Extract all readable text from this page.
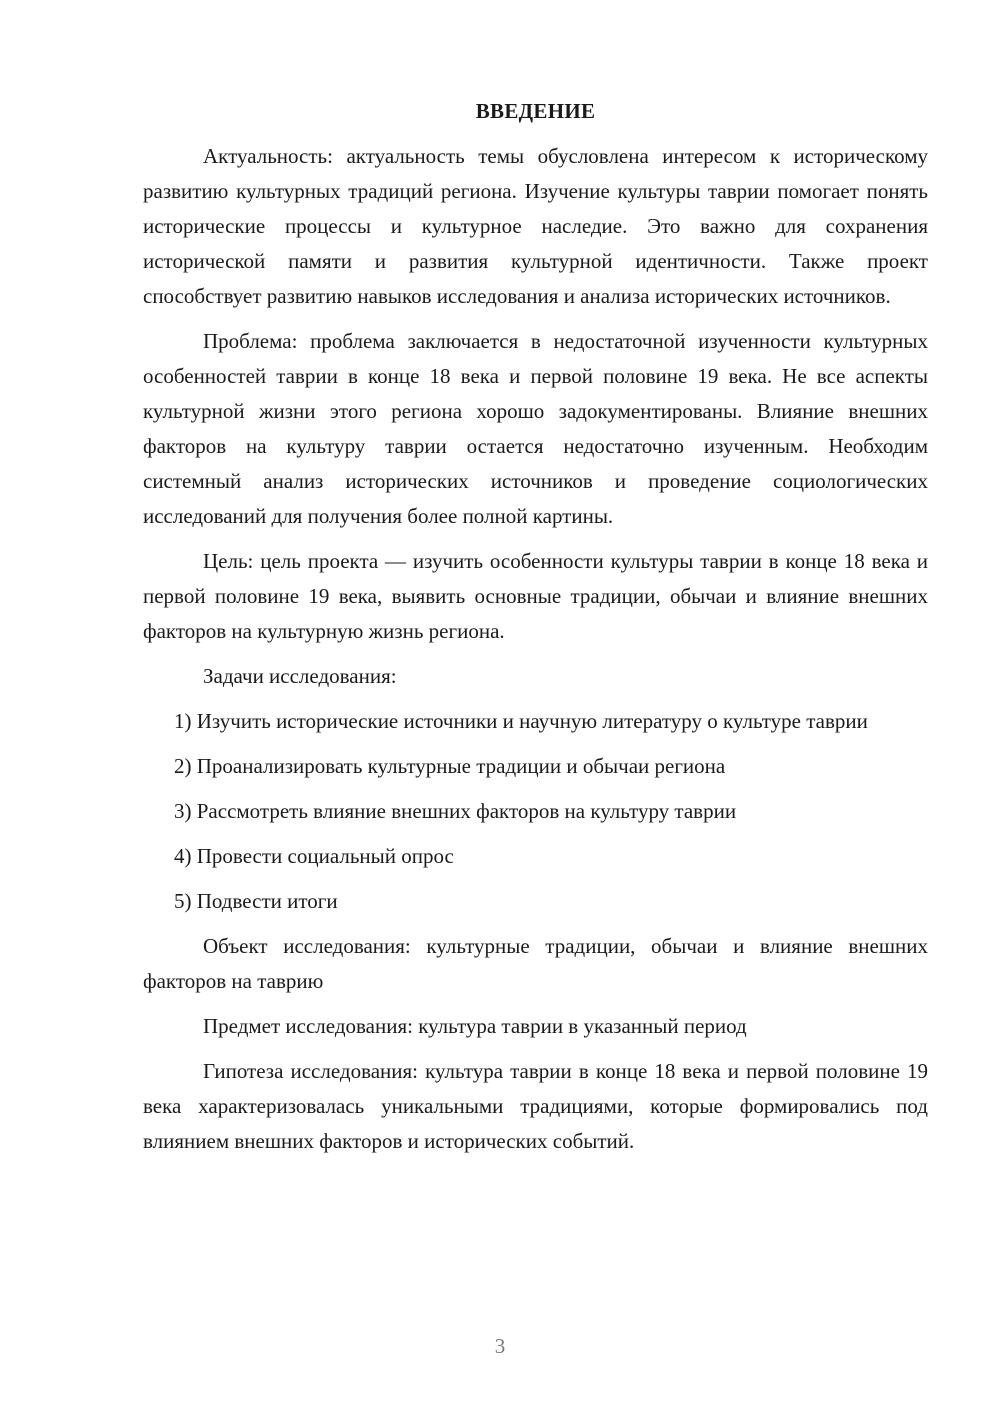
ВВЕДЕНИЕ

Актуальность: актуальность темы обусловлена интересом к историческому развитию культурных традиций региона. Изучение культуры таврии помогает понять исторические процессы и культурное наследие. Это важно для сохранения исторической памяти и развития культурной идентичности. Также проект способствует развитию навыков исследования и анализа исторических источников.

Проблема: проблема заключается в недостаточной изученности культурных особенностей таврии в конце 18 века и первой половине 19 века. Не все аспекты культурной жизни этого региона хорошо задокументированы. Влияние внешних факторов на культуру таврии остается недостаточно изученным. Необходим системный анализ исторических источников и проведение социологических исследований для получения более полной картины.

Цель: цель проекта — изучить особенности культуры таврии в конце 18 века и первой половине 19 века, выявить основные традиции, обычаи и влияние внешних факторов на культурную жизнь региона.

Задачи исследования:

1) Изучить исторические источники и научную литературу о культуре таврии

2) Проанализировать культурные традиции и обычаи региона

3) Рассмотреть влияние внешних факторов на культуру таврии

4) Провести социальный опрос

5) Подвести итоги

Объект исследования: культурные традиции, обычаи и влияние внешних факторов на таврию

Предмет исследования: культура таврии в указанный период

Гипотеза исследования: культура таврии в конце 18 века и первой половине 19 века характеризовалась уникальными традициями, которые формировались под влиянием внешних факторов и исторических событий.

3
